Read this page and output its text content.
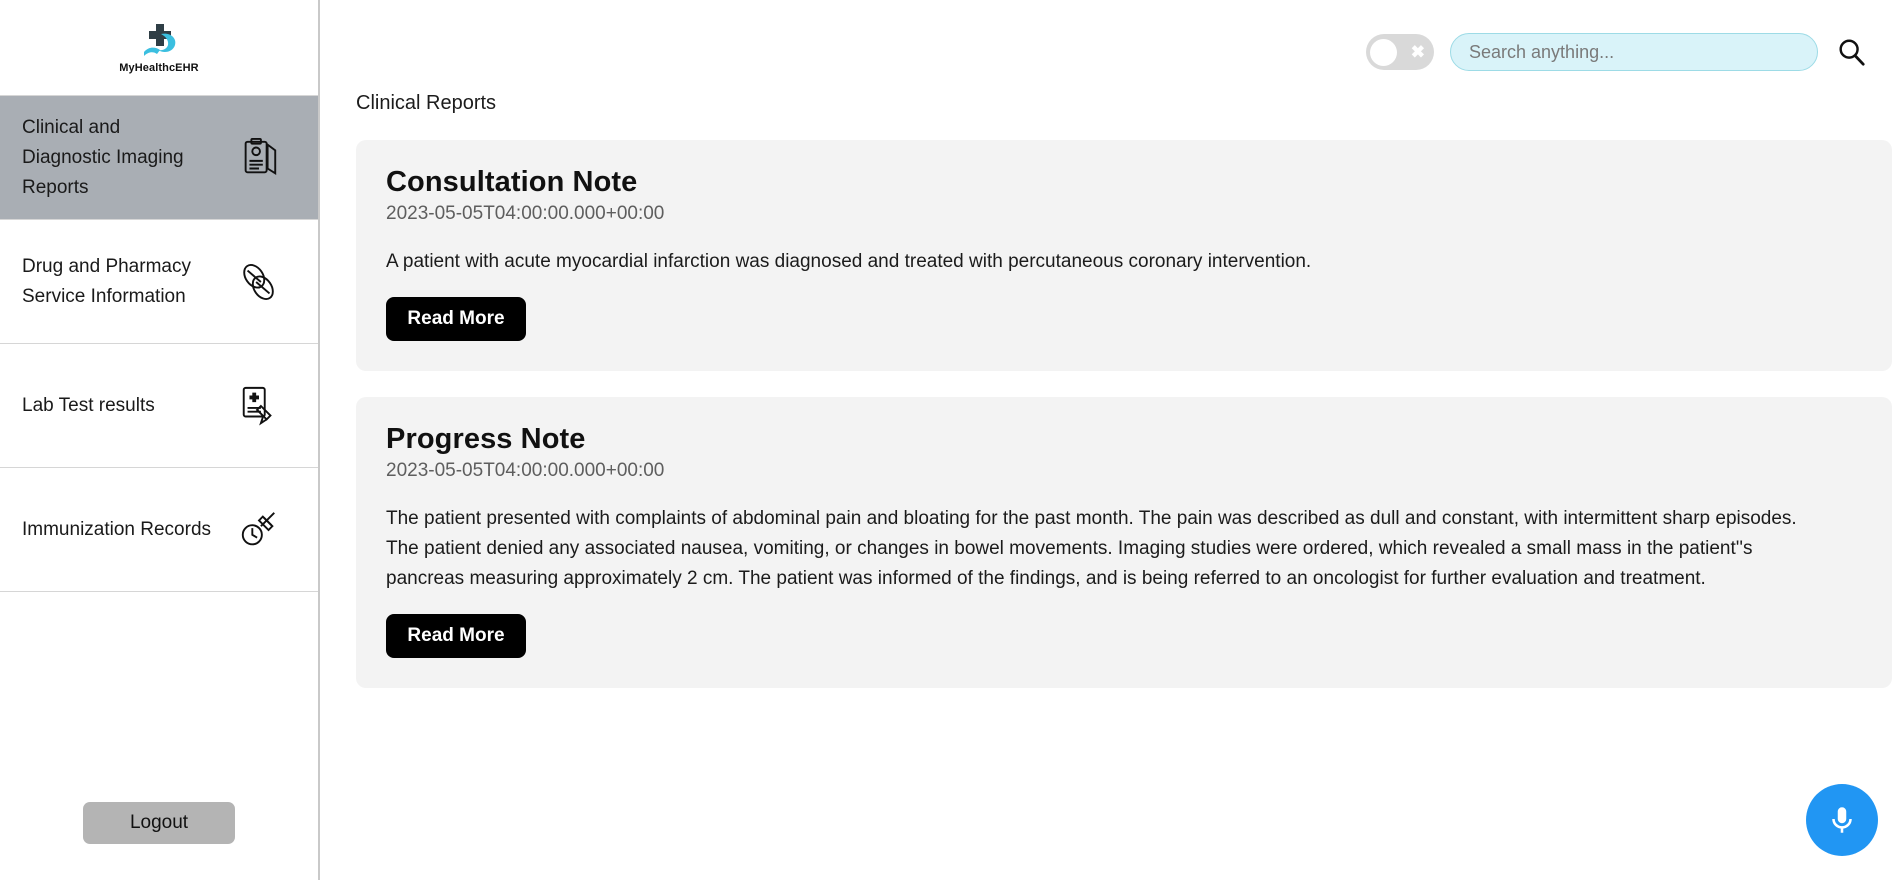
MyHealthcEHR
Clinical and Diagnostic Imaging Reports
Drug and Pharmacy Service Information
Lab Test results
Immunization Records
Logout
✖
Search anything...
Clinical Reports
Consultation Note
2023-05-05T04:00:00.000+00:00

A patient with acute myocardial infarction was diagnosed and treated with percutaneous coronary intervention.

Read More
Progress Note
2023-05-05T04:00:00.000+00:00

The patient presented with complaints of abdominal pain and bloating for the past month. The pain was described as dull and constant, with intermittent sharp episodes. The patient denied any associated nausea, vomiting, or changes in bowel movements. Imaging studies were ordered, which revealed a small mass in the patient''s pancreas measuring approximately 2 cm. The patient was informed of the findings, and is being referred to an oncologist for further evaluation and treatment.

Read More
